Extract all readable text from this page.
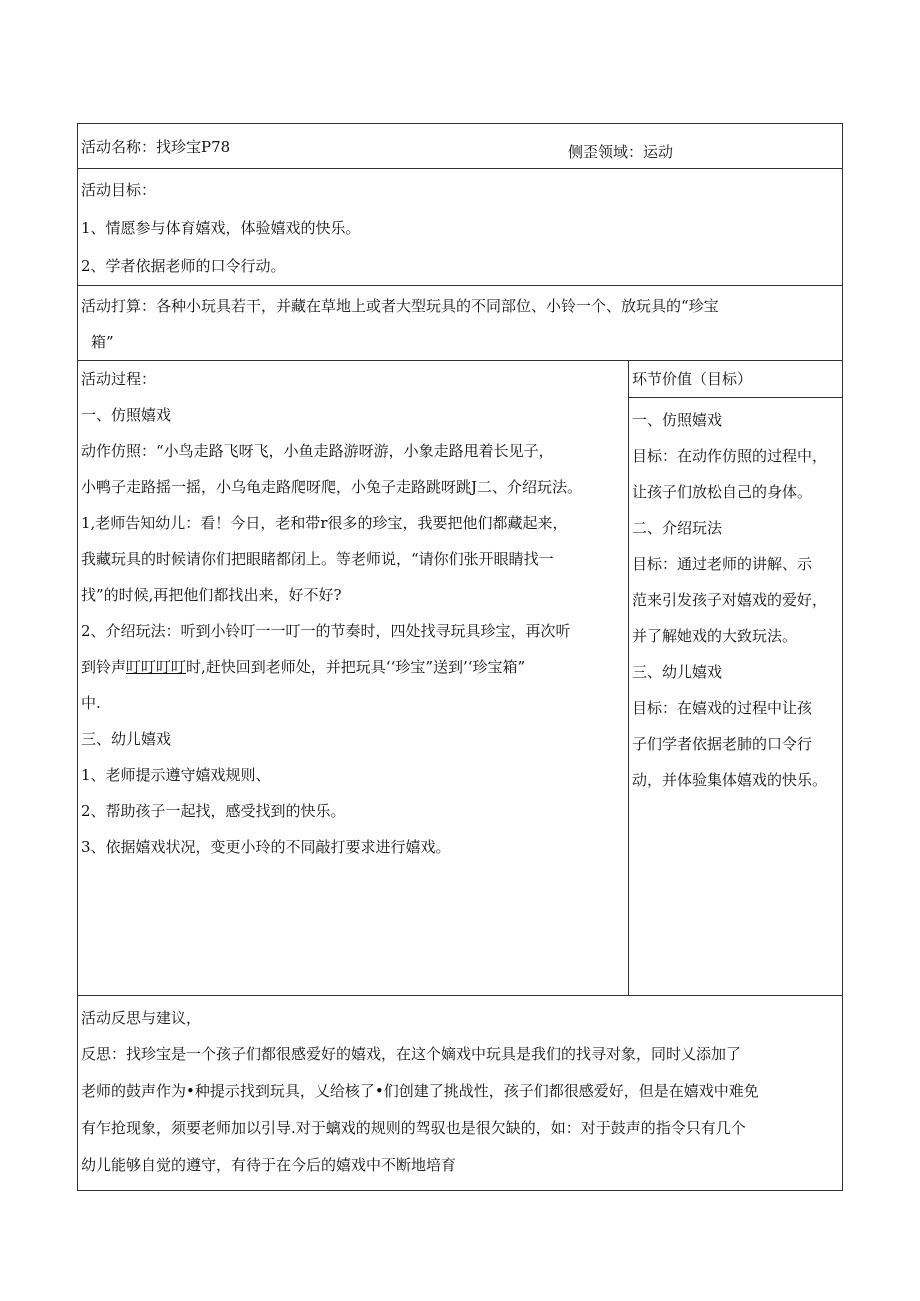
活动名称：找珍宝P78	侧歪领域：运动

活动目标：
1、情愿参与体育嬉戏，体验嬉戏的快乐。
2、学者依据老师的口令行动。

活动打算：各种小玩具若干，并藏在草地上或者大型玩具的不同部位、小铃一个、放玩具的“珍宝
箱”

活动过程：
一、仿照嬉戏
动作仿照：“小鸟走路飞呀飞，小鱼走路游呀游，小象走路甩着长见子，
小鸭子走路摇一摇，小乌龟走路爬呀爬，小兔子走路跳呀跳J二、介绍玩法。
1,老师告知幼儿：看！今日，老和带r很多的珍宝，我要把他们都藏起来，
我藏玩具的时候请你们把眼睹都闭上。等老师说，“请你们张开眼睛找一
找”的时候,再把他们都找出来，好不好?
2、介绍玩法：听到小铃叮一一叮一的节奏时，四处找寻玩具珍宝，再次听
到铃声叮叮叮叮时,赶快回到老师处，并把玩具‘‘珍宝”送到’‘珍宝箱”
中.
三、幼儿嬉戏
1、老师提示遵守嬉戏规则、
2、帮助孩子一起找，感受找到的快乐。
3、依据嬉戏状况，变更小玲的不同敲打要求进行嬉戏。

环节价值（目标）
一、仿照嬉戏
目标：在动作仿照的过程中，
让孩子们放松自己的身体。
二、介绍玩法
目标：通过老师的讲解、示
范来引发孩子对嬉戏的爱好，
并了解她戏的大致玩法。
三、幼儿嬉戏
目标：在嬉戏的过程中让孩
子们学者依据老肺的口令行
动，并体验集体嬉戏的快乐。

活动反思与建议，
反思：找珍宝是一个孩子们都很感爱好的嬉戏，在这个嫡戏中玩具是我们的找寻对象，同时乂添加了
老师的鼓声作为•种提示找到玩具，乂给核了•们创建了挑战性，孩子们都很感爱好，但是在嬉戏中难免
有乍抢现象，须要老师加以引导.对于螭戏的规则的驾驭也是很欠缺的，如：对于鼓声的指令只有几个
幼儿能够自觉的遵守，有待于在今后的嬉戏中不断地培育
